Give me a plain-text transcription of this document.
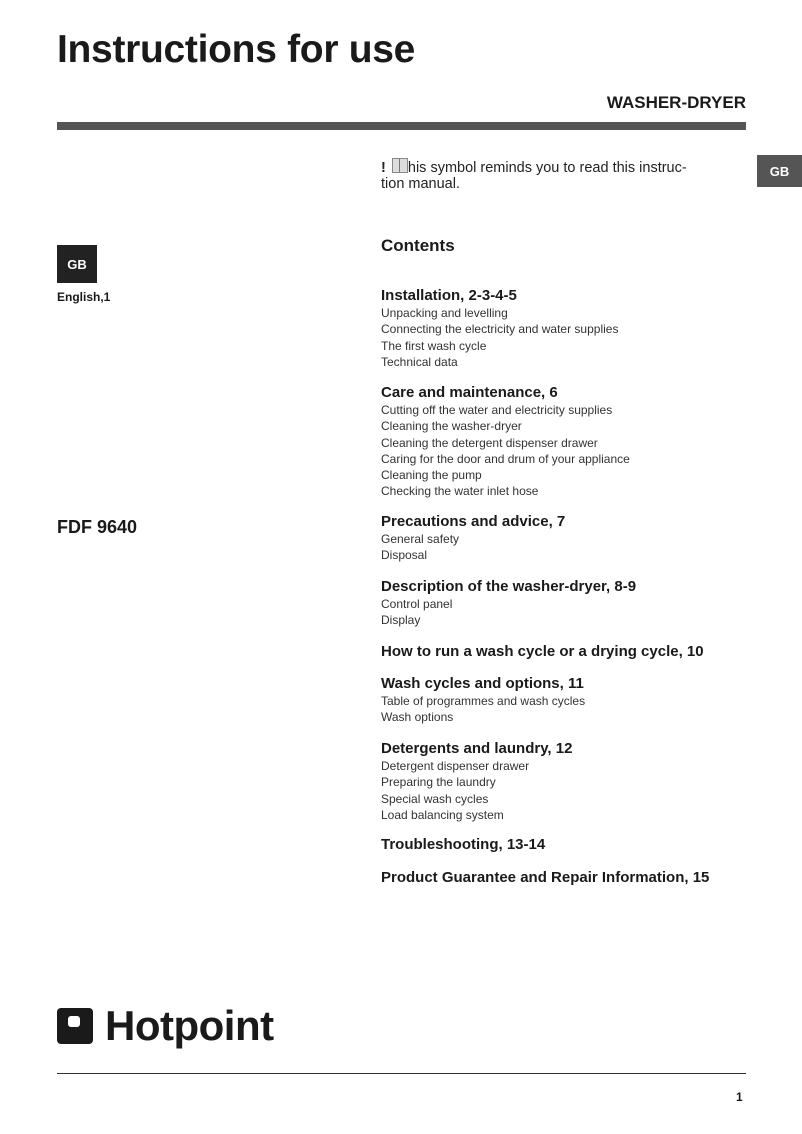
Instructions for use
WASHER-DRYER
GB
GB
English,1
FDF 9640
! his symbol reminds you to read this instruc-
tion manual.
Contents
Installation, 2-3-4-5
Unpacking and levelling
Connecting the electricity and water supplies
The first wash cycle
Technical data
Care and maintenance, 6
Cutting off the water and electricity supplies
Cleaning the washer-dryer
Cleaning the detergent dispenser drawer
Caring for the door and drum of your appliance
Cleaning the pump
Checking the water inlet hose
Precautions and advice, 7
General safety
Disposal
Description of the washer-dryer, 8-9
Control panel
Display
How to run a wash cycle or a drying cycle, 10
Wash cycles and options, 11
Table of programmes and wash cycles
Wash options
Detergents and laundry, 12
Detergent dispenser drawer
Preparing the laundry
Special wash cycles
Load balancing system
Troubleshooting, 13-14
Product Guarantee and Repair Information, 15
Hotpoint
1
